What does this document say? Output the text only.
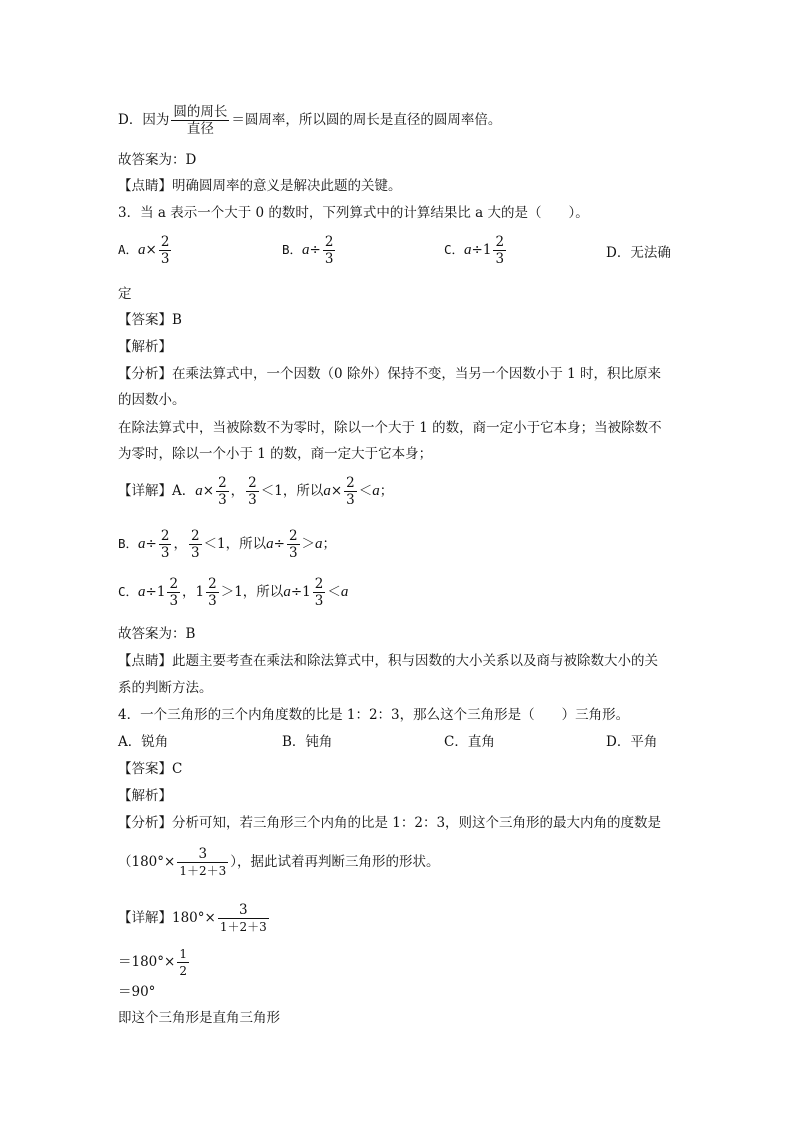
D．因为 圆的周长
直径
＝圆周率，所以圆的周长是直径的圆周率倍。
故答案为：D
【点睛】明确圆周率的意义是解决此题的关键。
3．当 a 表示一个大于 0 的数时，下列算式中的计算结果比 a 大的是（　　）。
A．$a\times \frac{2}{3}$	B．$a\div \frac{2}{3}$	C．$a\div 1 \frac{2}{3}$	D．无法确
定
【答案】B
【解析】
【分析】在乘法算式中，一个因数（0 除外）保持不变，当另一个因数小于 1 时，积比原来
的因数小。
在除法算式中，当被除数不为零时，除以一个大于 1 的数，商一定小于它本身；当被除数不
为零时，除以一个小于 1 的数，商一定大于它本身；
【详解】A．$a\times \frac{2}{3}$ ， $\frac{2}{3} <1$，所以$a\times \frac{2}{3} <a$；
B．$a\div \frac{2}{3}$ ， $\frac{2}{3} <1$，所以$a\div \frac{2}{3} >a$；
C．$a\div 1 \frac{2}{3}$ ，$1 \frac{2}{3} >1$，所以$a\div 1 \frac{2}{3} <a$
故答案为：B
【点睛】此题主要考查在乘法和除法算式中，积与因数的大小关系以及商与被除数大小的关
系的判断方法。
4．一个三角形的三个内角度数的比是 1：2：3，那么这个三角形是（　　）三角形。
A．锐角	B．钝角	C．直角	D．平角
【答案】C
【解析】
【分析】分析可知，若三角形三个内角的比是 1：2：3，则这个三角形的最大内角的度数是
（$180^\circ\times \frac{3}{1+2+3}$ ），据此试着再判断三角形的形状。
【详解】$180^\circ\times \frac{3}{1+2+3}$
$=180^\circ\times \frac{1}{2}$
＝90°
即这个三角形是直角三角形
